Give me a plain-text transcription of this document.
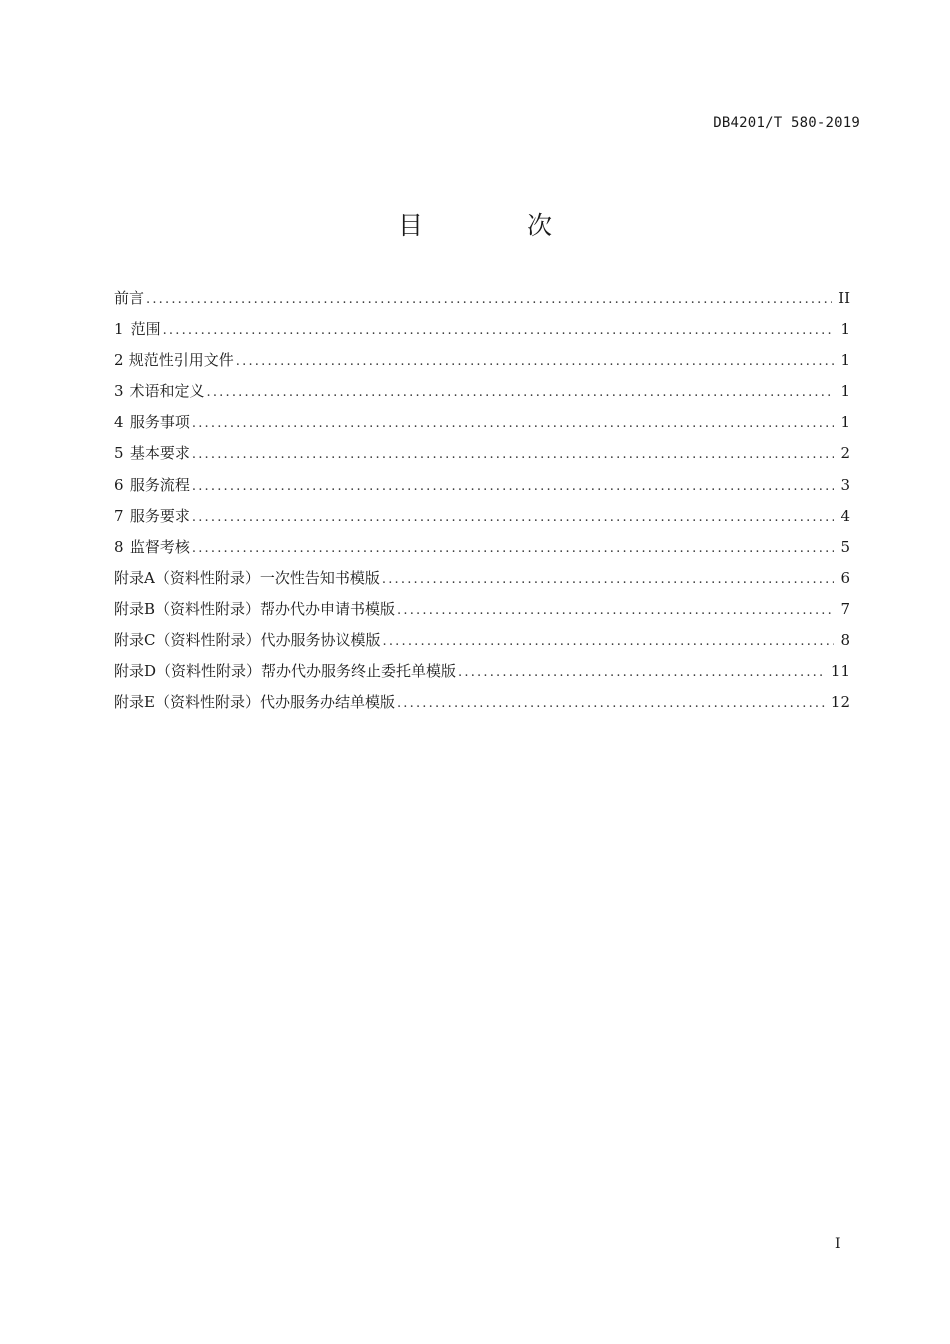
DB4201/T 580-2019
目 次
前言 .....	II
1 范围 .....	1
2 规范性引用文件 .....	1
3 术语和定义 .....	1
4 服务事项 .....	1
5 基本要求 .....	2
6 服务流程 .....	3
7 服务要求 .....	4
8 监督考核 .....	5
附录A（资料性附录） 一次性告知书模版 .....	6
附录B（资料性附录） 帮办代办申请书模版 .....	7
附录C（资料性附录） 代办服务协议模版 .....	8
附录D（资料性附录） 帮办代办服务终止委托单模版 .....	11
附录E（资料性附录） 代办服务办结单模版 .....	12
I
